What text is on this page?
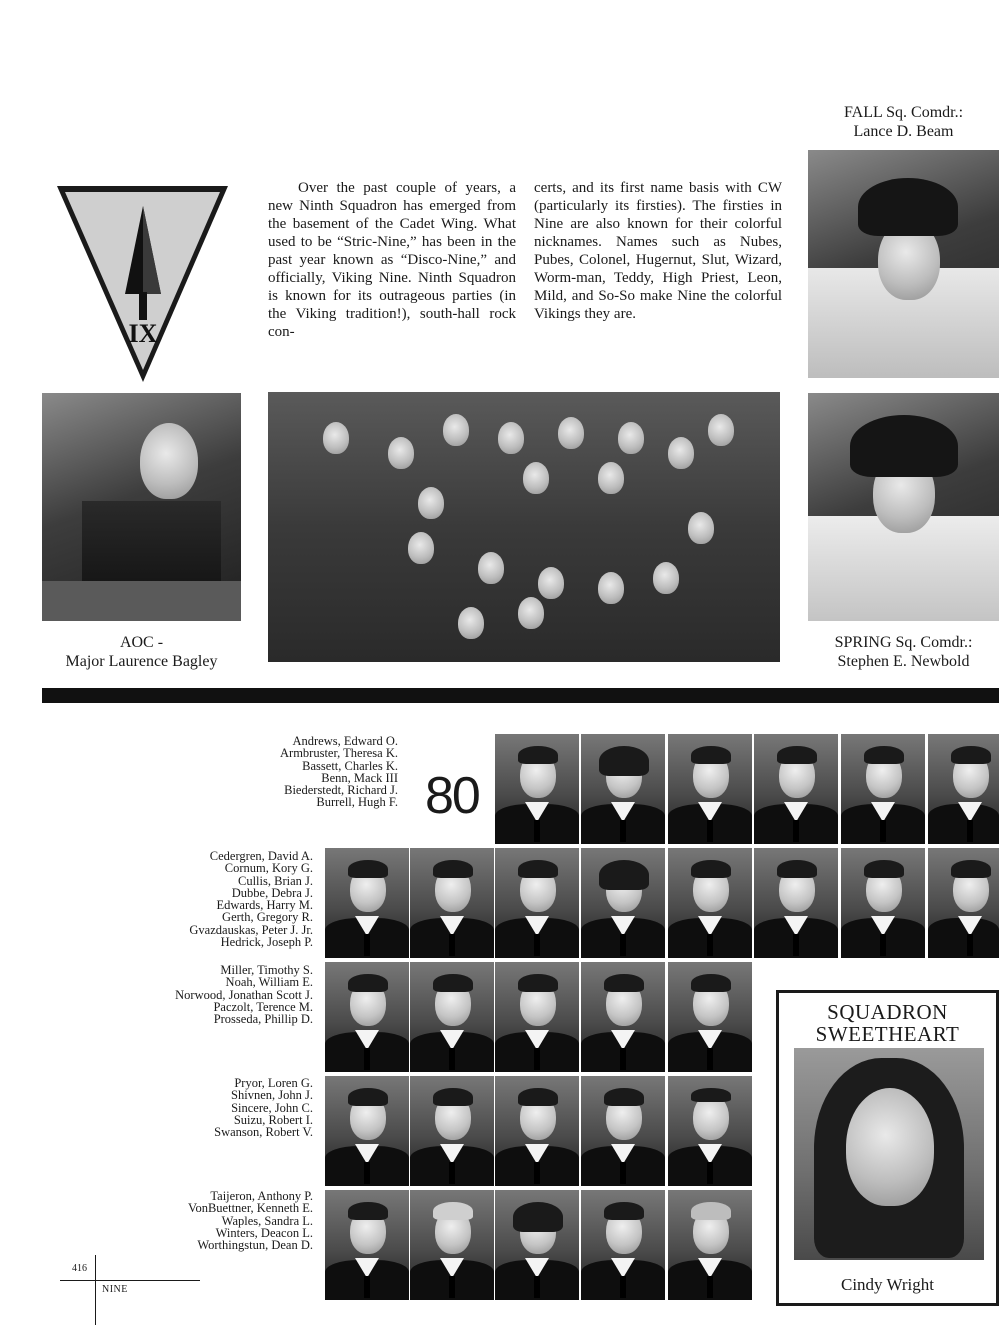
IX
Over the past couple of years, a new Ninth Squadron has emerged from the basement of the Cadet Wing. What used to be “Stric-Nine,” has been in the past year known as “Disco-Nine,” and officially, Viking Nine. Ninth Squadron is known for its outrageous parties (in the Viking tradition!), south-hall rock con-
certs, and its first name basis with CW (particularly its firsties). The firsties in Nine are also known for their colorful nicknames. Names such as Nubes, Pubes, Colonel, Hugernut, Slut, Wizard, Worm-man, Teddy, High Priest, Leon, Mild, and So-So make Nine the colorful Vikings they are.
FALL Sq. Comdr.:
Lance D. Beam
AOC -
Major Laurence Bagley
SPRING Sq. Comdr.:
Stephen E. Newbold
Andrews, Edward O.
Armbruster, Theresa K.
Bassett, Charles K.
Benn, Mack III
Biederstedt, Richard J.
Burrell, Hugh F. 80
Cedergren, David A.
Cornum, Kory G.
Cullis, Brian J.
Dubbe, Debra J.
Edwards, Harry M.
Gerth, Gregory R.
Gvazdauskas, Peter J. Jr.
Hedrick, Joseph P.
Miller, Timothy S.
Noah, William E.
Norwood, Jonathan Scott J.
Paczolt, Terence M.
Prosseda, Phillip D.
Pryor, Loren G.
Shivnen, John J.
Sincere, John C.
Suizu, Robert I.
Swanson, Robert V.
Taijeron, Anthony P.
VonBuettner, Kenneth E.
Waples, Sandra L.
Winters, Deacon L.
Worthingstun, Dean D.
SQUADRON
SWEETHEART
Cindy Wright
416
NINE
